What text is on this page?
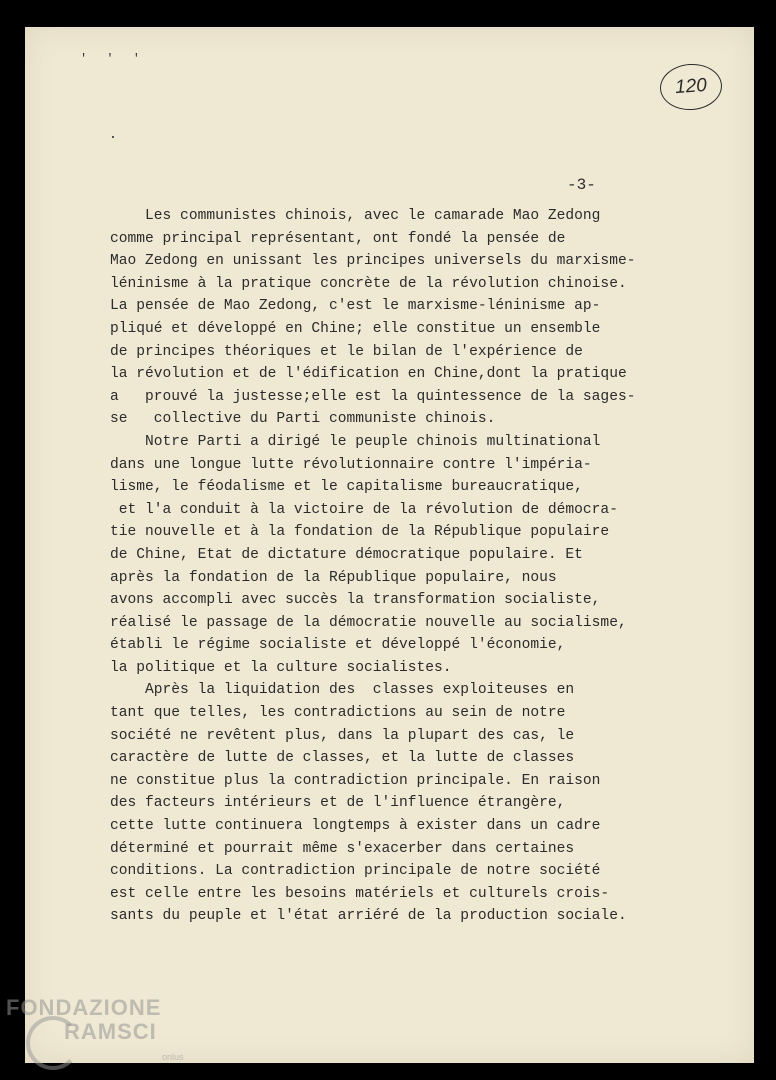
' ' '
120
-3-
Les communistes chinois, avec le camarade Mao Zedong
comme principal représentant, ont fondé la pensée de
Mao Zedong en unissant les principes universels du marxisme-
léninisme à la pratique concrète de la révolution chinoise.
La pensée de Mao Zedong, c'est le marxisme-léninisme ap-
pliqué et développé en Chine; elle constitue un ensemble
de principes théoriques et le bilan de l'expérience de
la révolution et de l'édification en Chine,dont la pratique
a   prouvé la justesse;elle est la quintessence de la sages-
se   collective du Parti communiste chinois.
Notre Parti a dirigé le peuple chinois multinational
dans une longue lutte révolutionnaire contre l'impéria-
lisme, le féodalisme et le capitalisme bureaucratique,
et l'a conduit à la victoire de la révolution de démocra-
tie nouvelle et à la fondation de la République populaire
de Chine, Etat de dictature démocratique populaire. Et
après la fondation de la République populaire, nous
avons accompli avec succès la transformation socialiste,
réalisé le passage de la démocratie nouvelle au socialisme,
établi le régime socialiste et développé l'économie,
la politique et la culture socialistes.
Après la liquidation des  classes exploiteuses en
tant que telles, les contradictions au sein de notre
société ne revêtent plus, dans la plupart des cas, le
caractère de lutte de classes, et la lutte de classes
ne constitue plus la contradiction principale. En raison
des facteurs intérieurs et de l'influence étrangère,
cette lutte continuera longtemps à exister dans un cadre
déterminé et pourrait même s'exacerber dans certaines
conditions. La contradiction principale de notre société
est celle entre les besoins matériels et culturels crois-
sants du peuple et l'état arriéré de la production sociale.
FONDAZIONE
RAMSCI
onlus
